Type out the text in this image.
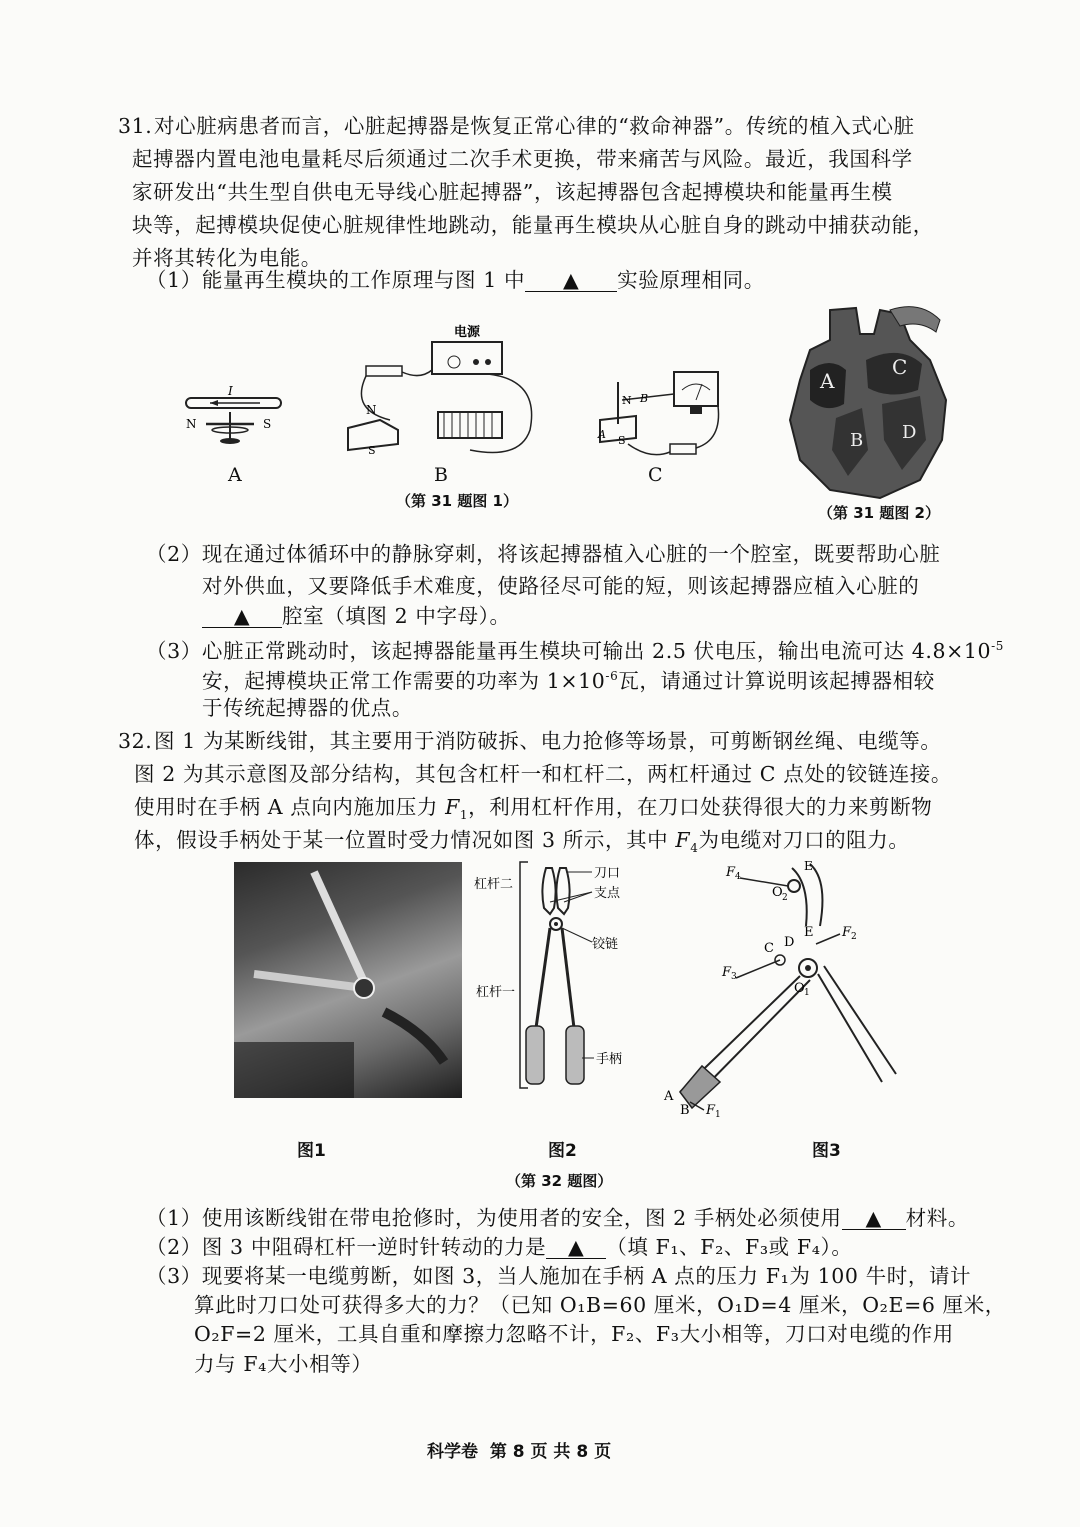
31. 对心脏病患者而言，心脏起搏器是恢复正常心律的“救命神器”。传统的植入式心脏
起搏器内置电池电量耗尽后须通过二次手术更换，带来痛苦与风险。最近，我国科学
家研发出“共生型自供电无导线心脏起搏器”，该起搏器包含起搏模块和能量再生模
块等，起搏模块促使心脏规律性地跳动，能量再生模块从心脏自身的跳动中捕获动能，
并将其转化为电能。
（1）能量再生模块的工作原理与图 1 中 ▲ 实验原理相同。
I
N	S
电源
N
S
N B
A S
A	B	C
（第 31 题图 1）
A
C
B D
（第 31 题图 2）
（2）现在通过体循环中的静脉穿刺，将该起搏器植入心脏的一个腔室，既要帮助心脏
对外供血，又要降低手术难度，使路径尽可能的短，则该起搏器应植入心脏的
▲ 腔室（填图 2 中字母）。
（3）心脏正常跳动时，该起搏器能量再生模块可输出 2.5 伏电压，输出电流可达 $4.8\times 10^{-5}$
安，起搏模块正常工作需要的功率为 $1\times 10^{-6}$瓦，请通过计算说明该起搏器相较
于传统起搏器的优点。
32. 图 1 为某断线钳，其主要用于消防破拆、电力抢修等场景，可剪断钢丝绳、电缆等。
图 2 为其示意图及部分结构，其包含杠杆一和杠杆二，两杠杆通过 C 点处的铰链连接。
使用时在手柄 A 点向内施加压力 $F_1$，利用杠杆作用，在刀口处获得很大的力来剪断物
体，假设手柄处于某一位置时受力情况如图 3 所示，其中 $F_4$为电缆对刀口的阻力。
刀口
支点
铰链
手柄
杠杆二
杠杆一
F 4
E
O 2
F 2
C D
E
F 3
O 1
A
B F 1
图1	图2	图3
（第 32 题图）
（1）使用该断线钳在带电抢修时，为使用者的安全，图 2 手柄处必须使用 ▲ 材料。
（2）图 3 中阻碍杠杆一逆时针转动的力是 ▲ （填 F₁、F₂、F₃或 F₄）。
（3）现要将某一电缆剪断，如图 3，当人施加在手柄 A 点的压力 F₁为 100 牛时，请计
算此时刀口处可获得多大的力？（已知 O₁B=60 厘米，O₁D=4 厘米，O₂E=6 厘米，
O₂F=2 厘米，工具自重和摩擦力忽略不计，F₂、F₃大小相等，刀口对电缆的作用
力与 F₄大小相等）
科学卷  第 8 页 共 8 页
